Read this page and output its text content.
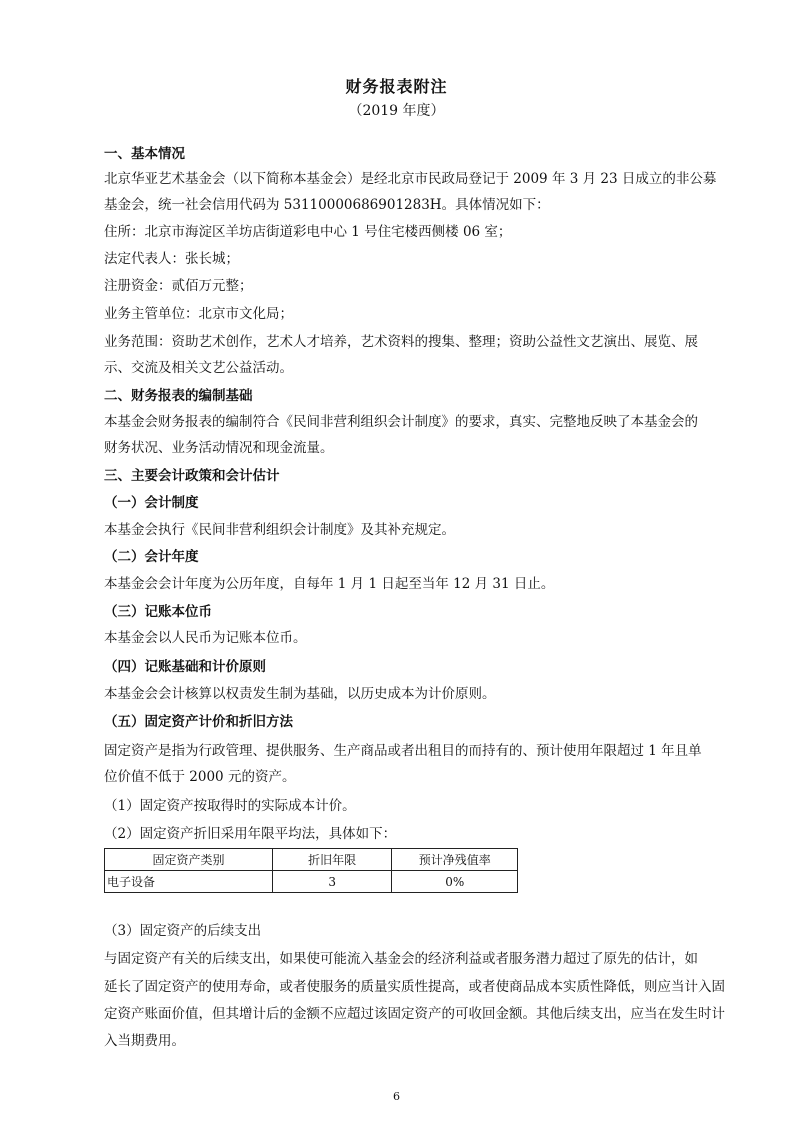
财务报表附注
（2019 年度）
一、基本情况
北京华亚艺术基金会（以下简称本基金会）是经北京市民政局登记于 2009 年 3 月 23 日成立的非公募
基金会，统一社会信用代码为 53110000686901283H。具体情况如下：
住所：北京市海淀区羊坊店街道彩电中心 1 号住宅楼西侧楼 06 室；
法定代表人：张长城；
注册资金：贰佰万元整；
业务主管单位：北京市文化局；
业务范围：资助艺术创作，艺术人才培养，艺术资料的搜集、整理；资助公益性文艺演出、展览、展
示、交流及相关文艺公益活动。
二、财务报表的编制基础
本基金会财务报表的编制符合《民间非营利组织会计制度》的要求，真实、完整地反映了本基金会的
财务状况、业务活动情况和现金流量。
三、主要会计政策和会计估计
（一）会计制度
本基金会执行《民间非营利组织会计制度》及其补充规定。
（二）会计年度
本基金会会计年度为公历年度，自每年 1 月 1 日起至当年 12 月 31 日止。
（三）记账本位币
本基金会以人民币为记账本位币。
（四）记账基础和计价原则
本基金会会计核算以权责发生制为基础，以历史成本为计价原则。
（五）固定资产计价和折旧方法
固定资产是指为行政管理、提供服务、生产商品或者出租目的而持有的、预计使用年限超过 1 年且单
位价值不低于 2000 元的资产。
（1）固定资产按取得时的实际成本计价。
（2）固定资产折旧采用年限平均法，具体如下：
固定资产类别	折旧年限	预计净残值率
电子设备	3	0%
（3）固定资产的后续支出
与固定资产有关的后续支出，如果使可能流入基金会的经济利益或者服务潜力超过了原先的估计，如
延长了固定资产的使用寿命，或者使服务的质量实质性提高，或者使商品成本实质性降低，则应当计入固
定资产账面价值，但其增计后的金额不应超过该固定资产的可收回金额。其他后续支出，应当在发生时计
入当期费用。
6
